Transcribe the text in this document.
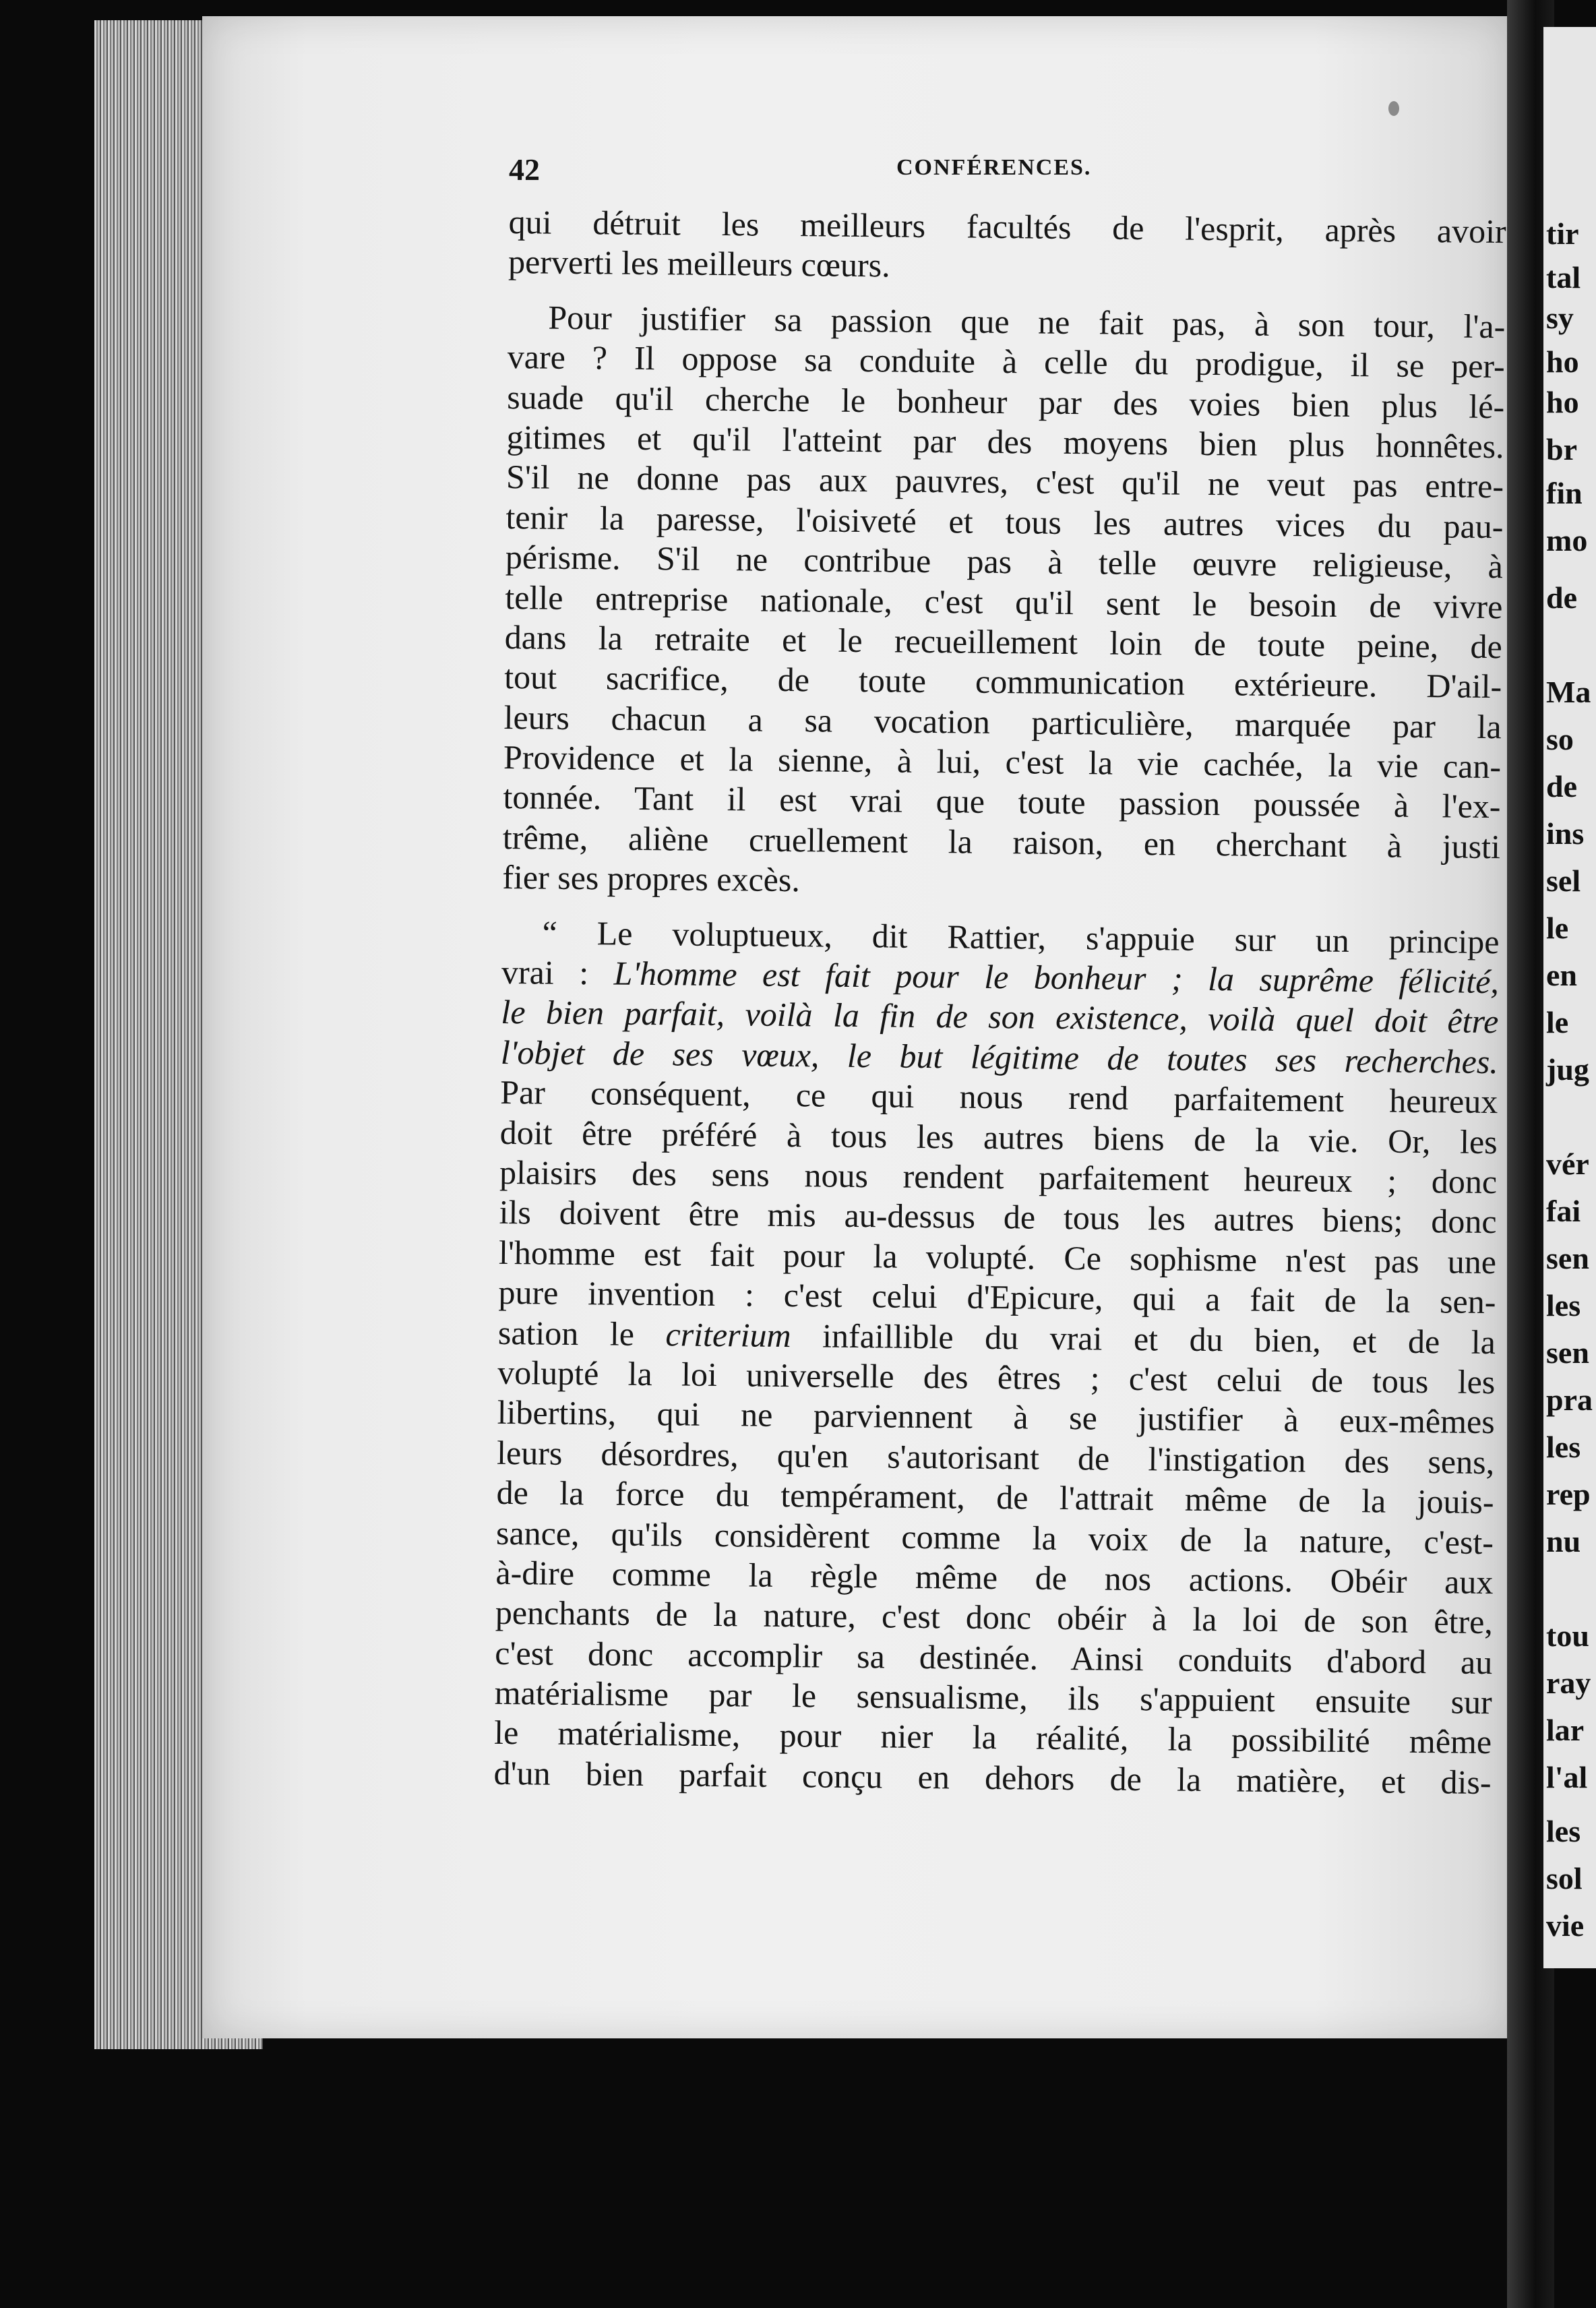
tir
tal
sy
ho
ho
br
fin
mo
de
Ma
so
de
ins
sel
le
en
le
jug
vér
fai
sen
les
sen
pra
les
rep
nu
tou
ray
lar
l'al
les
sol
vie
42	CONFÉRENCES.
qui détruit les meilleurs facultés de l'esprit, après avoir
perverti les meilleurs cœurs.
Pour justifier sa passion que ne fait pas, à son tour, l'a-
vare ? Il oppose sa conduite à celle du prodigue, il se per-
suade qu'il cherche le bonheur par des voies bien plus lé-
gitimes et qu'il l'atteint par des moyens bien plus honnêtes.
S'il ne donne pas aux pauvres, c'est qu'il ne veut pas entre-
tenir la paresse, l'oisiveté et tous les autres vices du pau-
périsme. S'il ne contribue pas à telle œuvre religieuse, à
telle entreprise nationale, c'est qu'il sent le besoin de vivre
dans la retraite et le recueillement loin de toute peine, de
tout sacrifice, de toute communication extérieure. D'ail-
leurs chacun a sa vocation particulière, marquée par la
Providence et la sienne, à lui, c'est la vie cachée, la vie can-
tonnée. Tant il est vrai que toute passion poussée à l'ex-
trême, aliène cruellement la raison, en cherchant à justi
fier ses propres excès.
“ Le voluptueux, dit Rattier, s'appuie sur un principe
vrai : L'homme est fait pour le bonheur ; la suprême félicité,
le bien parfait, voilà la fin de son existence, voilà quel doit être
l'objet de ses vœux, le but légitime de toutes ses recherches.
Par conséquent, ce qui nous rend parfaitement heureux
doit être préféré à tous les autres biens de la vie. Or, les
plaisirs des sens nous rendent parfaitement heureux ; donc
ils doivent être mis au-dessus de tous les autres biens; donc
l'homme est fait pour la volupté. Ce sophisme n'est pas une
pure invention : c'est celui d'Epicure, qui a fait de la sen-
sation le criterium infaillible du vrai et du bien, et de la
volupté la loi universelle des êtres ; c'est celui de tous les
libertins, qui ne parviennent à se justifier à eux-mêmes
leurs désordres, qu'en s'autorisant de l'instigation des sens,
de la force du tempérament, de l'attrait même de la jouis-
sance, qu'ils considèrent comme la voix de la nature, c'est-
à-dire comme la règle même de nos actions. Obéir aux
penchants de la nature, c'est donc obéir à la loi de son être,
c'est donc accomplir sa destinée. Ainsi conduits d'abord au
matérialisme par le sensualisme, ils s'appuient ensuite sur
le matérialisme, pour nier la réalité, la possibilité même
d'un bien parfait conçu en dehors de la matière, et dis-
